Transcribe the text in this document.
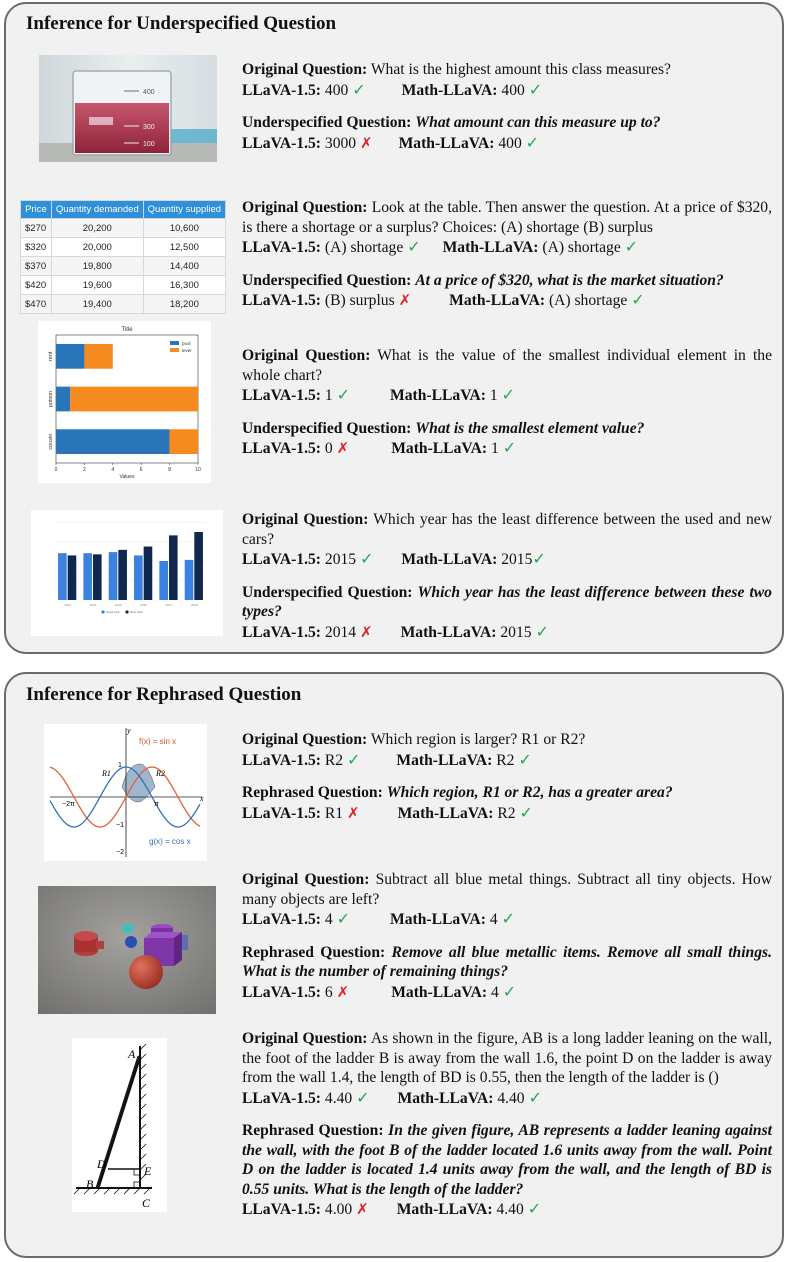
Inference for Underspecified Question
400
300
100

Original Question: What is the highest amount this class measures?

LLaVA-1.5: 400 ✓ Math-LLaVA: 400 ✓

Underspecified Question: What amount can this measure up to?

LLaVA-1.5: 3000 ✗ Math-LLaVA: 400 ✓

Price	Quantity demanded	Quantity supplied
$270	20,200	10,600
$320	20,000	12,500
$370	19,800	14,400
$420	19,600	16,300
$470	19,400	18,200

Original Question: Look at the table. Then answer the question. At a price of $320, is there a shortage or a surplus? Choices: (A) shortage (B) surplus

LLaVA-1.5: (A) shortage ✓ Math-LLaVA: (A) shortage ✓

Underspecified Question: At a price of $320, what is the market situation?

LLaVA-1.5: (B) surplus ✗ Math-LLaVA: (A) shortage ✓

Title
Values
0	2	4	6	8	10
rent
poison
cousin
pool
lever	Original Question: What is the value of the smallest individual element in the whole chart?

LLaVA-1.5: 1 ✓	Math-LLaVA: 1 ✓

Underspecified Question: What is the smallest element value?

LLaVA-1.5: 0 ✗	Math-LLaVA: 1 ✓

2013	2014	2015	2016	2017	2018
Used cars	New cars

Original Question: Which year has the least difference between the used and new cars?

LLaVA-1.5: 2015 ✓ Math-LLaVA: 2015✓

Underspecified Question: Which year has the least difference between these two types?

LLaVA-1.5: 2014 ✗ Math-LLaVA: 2015 ✓

Inference for Rephrased Question
y
x
f(x) = sin x
g(x) = cos x
R1	R2
1
−1
−2
−2π	π

Original Question: Which region is larger? R1 or R2?

LLaVA-1.5: R2 ✓ Math-LLaVA: R2 ✓

Rephrased Question: Which region, R1 or R2, has a greater area?

LLaVA-1.5: R1 ✗ Math-LLaVA: R2 ✓

Original Question: Subtract all blue metal things. Subtract all tiny objects. How many objects are left?

LLaVA-1.5: 4 ✓	Math-LLaVA: 4 ✓

Rephrased Question: Remove all blue metallic items. Remove all small things. What is the number of remaining things?

LLaVA-1.5: 6 ✗	Math-LLaVA: 4 ✓

A
D	E
B
C

Original Question: As shown in the figure, AB is a long ladder leaning on the wall, the foot of the ladder B is away from the wall 1.6, the point D on the ladder is away from the wall 1.4, the length of BD is 0.55, then the length of the ladder is ()

LLaVA-1.5: 4.40 ✓ Math-LLaVA: 4.40 ✓

Rephrased Question: In the given figure, AB represents a ladder leaning against the wall, with the foot B of the ladder located 1.6 units away from the wall. Point D on the ladder is located 1.4 units away from the wall, and the length of BD is 0.55 units. What is the length of the ladder?

LLaVA-1.5: 4.00 ✗ Math-LLaVA: 4.40 ✓
